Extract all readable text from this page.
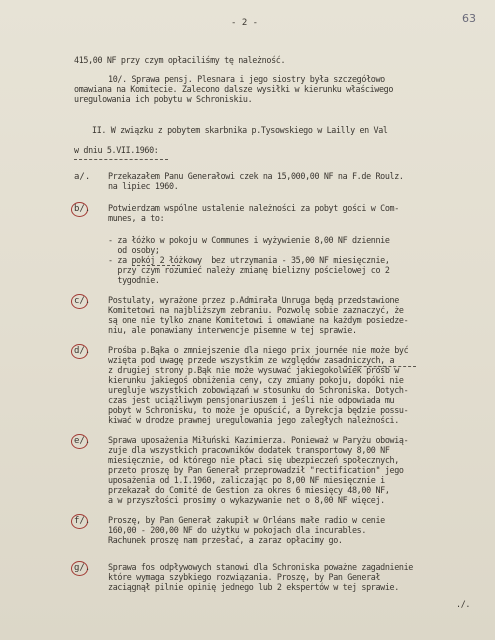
- 2 -	63
415,00 NF przy czym opłaciliśmy tę należność.
10/. Sprawa pensj. Plesnara i jego siostry była szczegółowo
omawiana na Komitecie. Zalecono dalsze wysiłki w kierunku właściwego
uregulowania ich pobytu w Schroniskiu.
II. W związku z pobytem skarbnika p.Tysowskiego w Lailly en Val
w dniu 5.VII.1960:
a/. Przekazałem Panu Generałowi czek na 15,000,00 NF na F.de Roulz.
na lipiec 1960.
b/. Potwierdzam wspólne ustalenie należności za pobyt gości w Com-
munes, a to:
- za łóżko w pokoju w Communes i wyżywienie 8,00 NF dziennie
od osoby;
- za pokój 2 łóżkowy  bez utrzymania - 35,00 NF miesięcznie,
przy czym rozumieć należy zmianę bielizny pościelowej co 2
tygodnie.
c/. Postulaty, wyrażone przez p.Admirała Unruga będą przedstawione
Komitetowi na najbliższym zebraniu. Pozwolę sobie zaznaczyć, że
są one nie tylko znane Komitetowi i omawiane na każdym posiedze-
niu, ale ponawiany interwencje pisemne w tej sprawie.
d/. Prośba p.Bąka o zmniejszenie dla niego prix journée nie może być
wzięta pod uwagę przede wszystkim ze względów zasadniczych, a
z drugiej strony p.Bąk nie może wysuwać jakiegokolwiek próśb w
kierunku jakiegoś obniżenia ceny, czy zmiany pokoju, dopóki nie
uregluje wszystkich zobowiązań w stosunku do Schroniska. Dotych-
czas jest uciążliwym pensjonariuszem i jeśli nie odpowiada mu
pobyt w Schronisku, to może je opuścić, a Dyrekcja będzie possu-
kiwać w drodze prawnej uregulowania jego zaległych należności.
e/. Sprawa uposażenia Miłuński Kazimierza. Ponieważ w Paryżu obowią-
zuje dla wszystkich pracowników dodatek transportowy 8,00 NF
miesięcznie, od którego nie płaci się ubezpieczeń społecznych,
przeto proszę by Pan Generał przeprowadził "rectification" jego
uposażenia od 1.I.1960, zaliczając po 8,00 NF miesięcznie i
przekazał do Comité de Gestion za okres 6 miesięcy 48,00 NF,
a w przyszłości prosimy o wykazywanie net o 8,00 NF więcej.
f/. Proszę, by Pan Generał zakupił w Orléans małe radio w cenie
160,00 - 200,00 NF do użytku w pokojach dla incurables.
Rachunek proszę nam przesłać, a zaraz opłacimy go.
g/. Sprawa fos odpływowych stanowi dla Schroniska poważne zagadnienie
które wymaga szybkiego rozwiązania. Proszę, by Pan Generał
zaciągnął pilnie opinię jednego lub 2 ekspertów w tej sprawie.
./.
